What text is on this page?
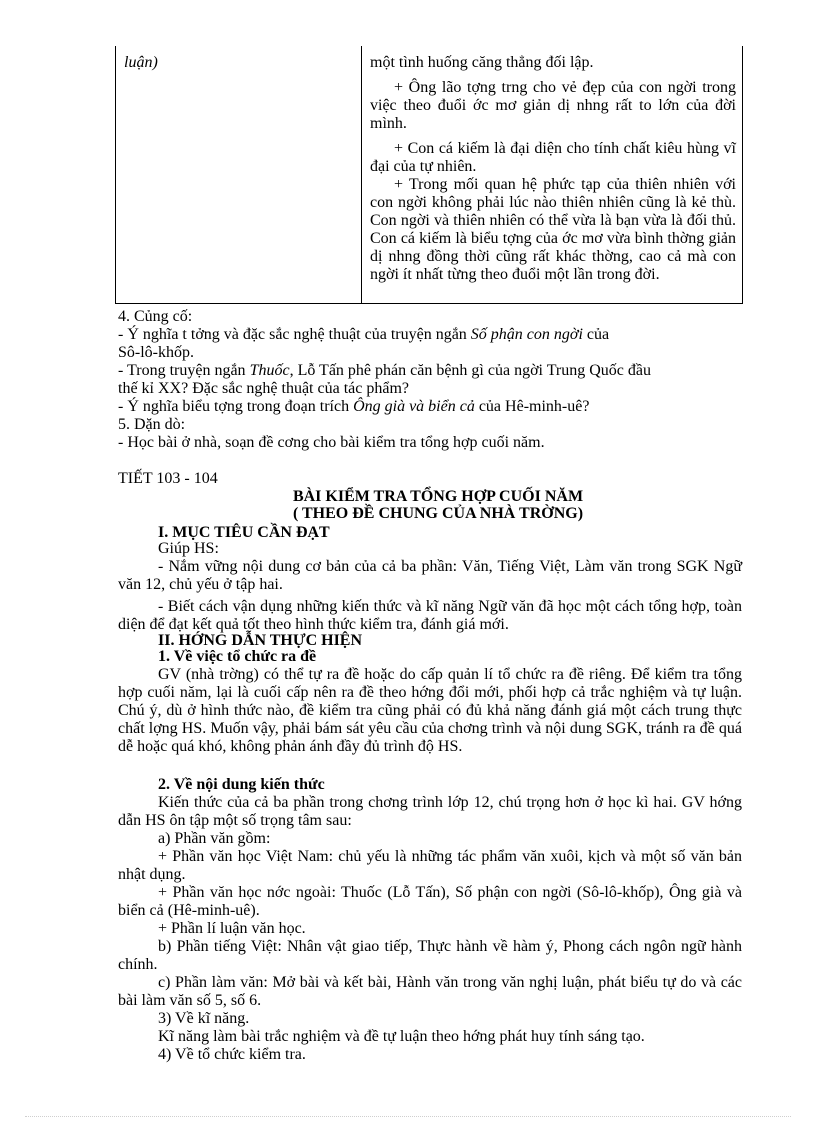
luận)	một tình huống căng thẳng đối lập.

+ Ông lão tợng trng cho vẻ đẹp của con ngời trong việc theo đuổi ớc mơ giản dị nhng rất to lớn của đời mình.

+ Con cá kiếm là đại diện cho tính chất kiêu hùng vĩ đại của tự nhiên.

+ Trong mối quan hệ phức tạp của thiên nhiên với con ngời không phải lúc nào thiên nhiên cũng là kẻ thù. Con ngời và thiên nhiên có thể vừa là bạn vừa là đối thủ. Con cá kiếm là biểu tợng của ớc mơ vừa bình thờng giản dị nhng đồng thời cũng rất khác thờng, cao cả mà con ngời ít nhất từng theo đuổi một lần trong đời.

4. Củng cố:

- Ý nghĩa t tởng và đặc sắc nghệ thuật của truyện ngắn Số phận con ngời của

Sô-lô-khốp.

- Trong truyện ngắn Thuốc, Lỗ Tấn phê phán căn bệnh gì của ngời Trung Quốc đầu

thế kỉ XX? Đặc sắc nghệ thuật của tác phẩm?

- Ý nghĩa biểu tợng trong đoạn trích Ông già và biển cả của Hê-minh-uê?

5. Dặn dò:

- Học bài ở nhà, soạn đề cơng cho bài kiểm tra tổng hợp cuối năm.

TIẾT 103 - 104
BÀI KIỂM TRA TỔNG HỢP CUỐI NĂM
( THEO ĐỀ CHUNG CỦA NHÀ TRỜNG)
I. MỤC TIÊU CẦN ĐẠT
Giúp HS:

- Nắm vững nội dung cơ bản của cả ba phần: Văn, Tiếng Việt, Làm văn trong SGK Ngữ văn 12, chủ yếu ở tập hai.

- Biết cách vận dụng những kiến thức và kĩ năng Ngữ văn đã học một cách tổng hợp, toàn diện để đạt kết quả tốt theo hình thức kiểm tra, đánh giá mới.

II. HỚNG DẪN THỰC HIỆN
1. Về việc tổ chức ra đề

GV (nhà trờng) có thể tự ra đề hoặc do cấp quản lí tổ chức ra đề riêng. Để kiểm tra tổng hợp cuối năm, lại là cuối cấp nên ra đề theo hớng đổi mới, phối hợp cả trắc nghiệm và tự luận. Chú ý, dù ở hình thức nào, đề kiểm tra cũng phải có đủ khả năng đánh giá một cách trung thực chất lợng HS. Muốn vậy, phải bám sát yêu cầu của chơng trình và nội dung SGK, tránh ra đề quá dễ hoặc quá khó, không phản ánh đầy đủ trình độ HS.

2. Về nội dung kiến thức

Kiến thức của cả ba phần trong chơng trình lớp 12, chú trọng hơn ở học kì hai. GV hớng dẫn HS ôn tập một số trọng tâm sau:

a) Phần văn gồm:

+ Phần văn học Việt Nam: chủ yếu là những tác phẩm văn xuôi, kịch và một số văn bản nhật dụng.

+ Phần văn học nớc ngoài: Thuốc (Lỗ Tấn), Số phận con ngời (Sô-lô-khốp), Ông già và biển cả (Hê-minh-uê).

+ Phần lí luận văn học.

b) Phần tiếng Việt: Nhân vật giao tiếp, Thực hành về hàm ý, Phong cách ngôn ngữ hành chính.

c) Phần làm văn: Mở bài và kết bài, Hành văn trong văn nghị luận, phát biểu tự do và các bài làm văn số 5, số 6.

3) Về kĩ năng.

Kĩ năng làm bài trắc nghiệm và đề tự luận theo hớng phát huy tính sáng tạo.

4) Về tổ chức kiểm tra.
